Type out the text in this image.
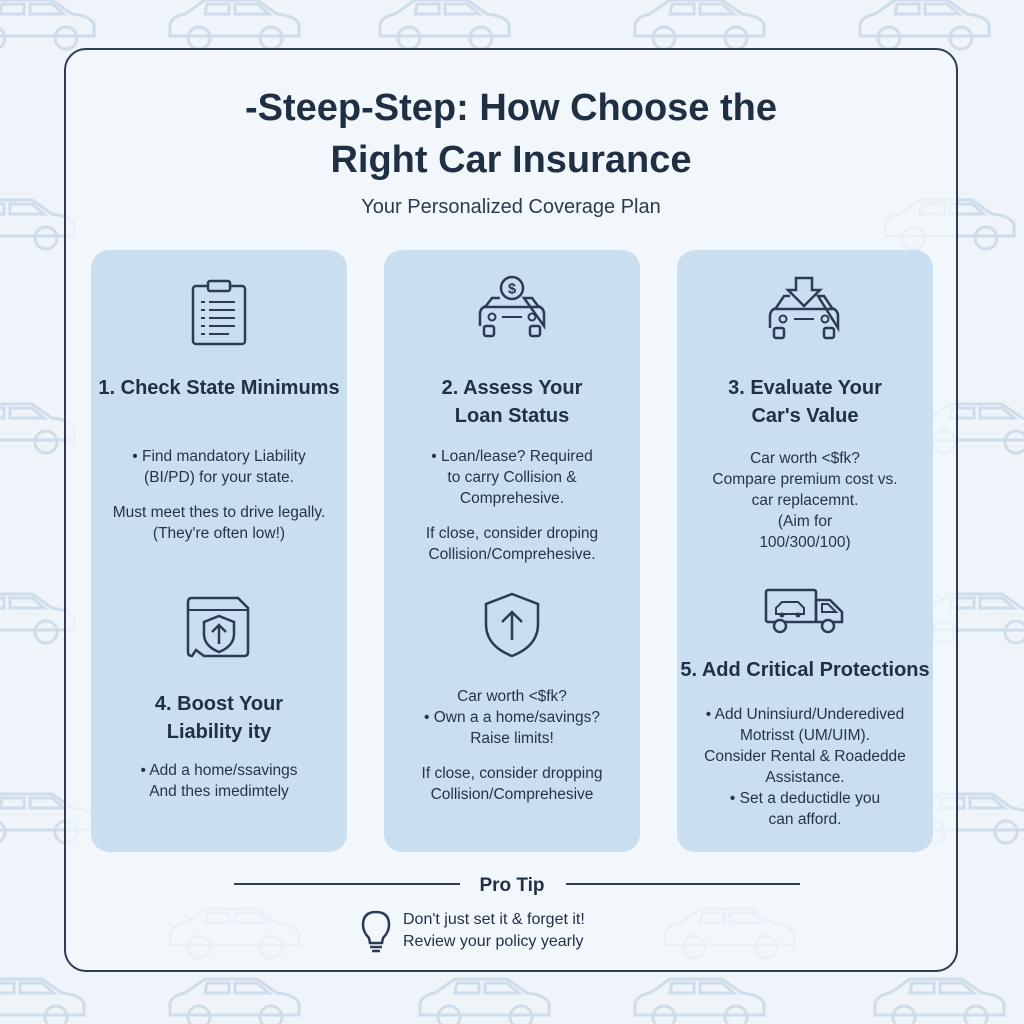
-Steep-Step: How Choose the
Right Car Insurance

Your Personalized Coverage Plan

1. Check State Minimums

• Find mandatory Liability
(BI/PD) for your state.
Must meet thes to drive legally.
(They're often low!)

4. Boost Your
Liability ity

• Add a home/ssavings
And thes imedimtely

$
2. Assess Your
Loan Status

• Loan/lease? Required
to carry Collision &
Comprehesive.
If close, consider droping
Collision/Comprehesive.

Car worth <$fk?
• Own a a home/savings?
Raise limits!
If close, consider dropping
Collision/Comprehesive

3. Evaluate Your
Car's Value

Car worth <$fk?
Compare premium cost vs.
car replacemnt.
(Aim for
100/300/100)

5. Add Critical Protections

• Add Uninsiurd/Underedived
Motrisst (UM/UIM).
Consider Rental & Roadedde
Assistance.
• Set a deductidle you
can afford.

Pro Tip

Don't just set it & forget it!
Review your policy yearly
